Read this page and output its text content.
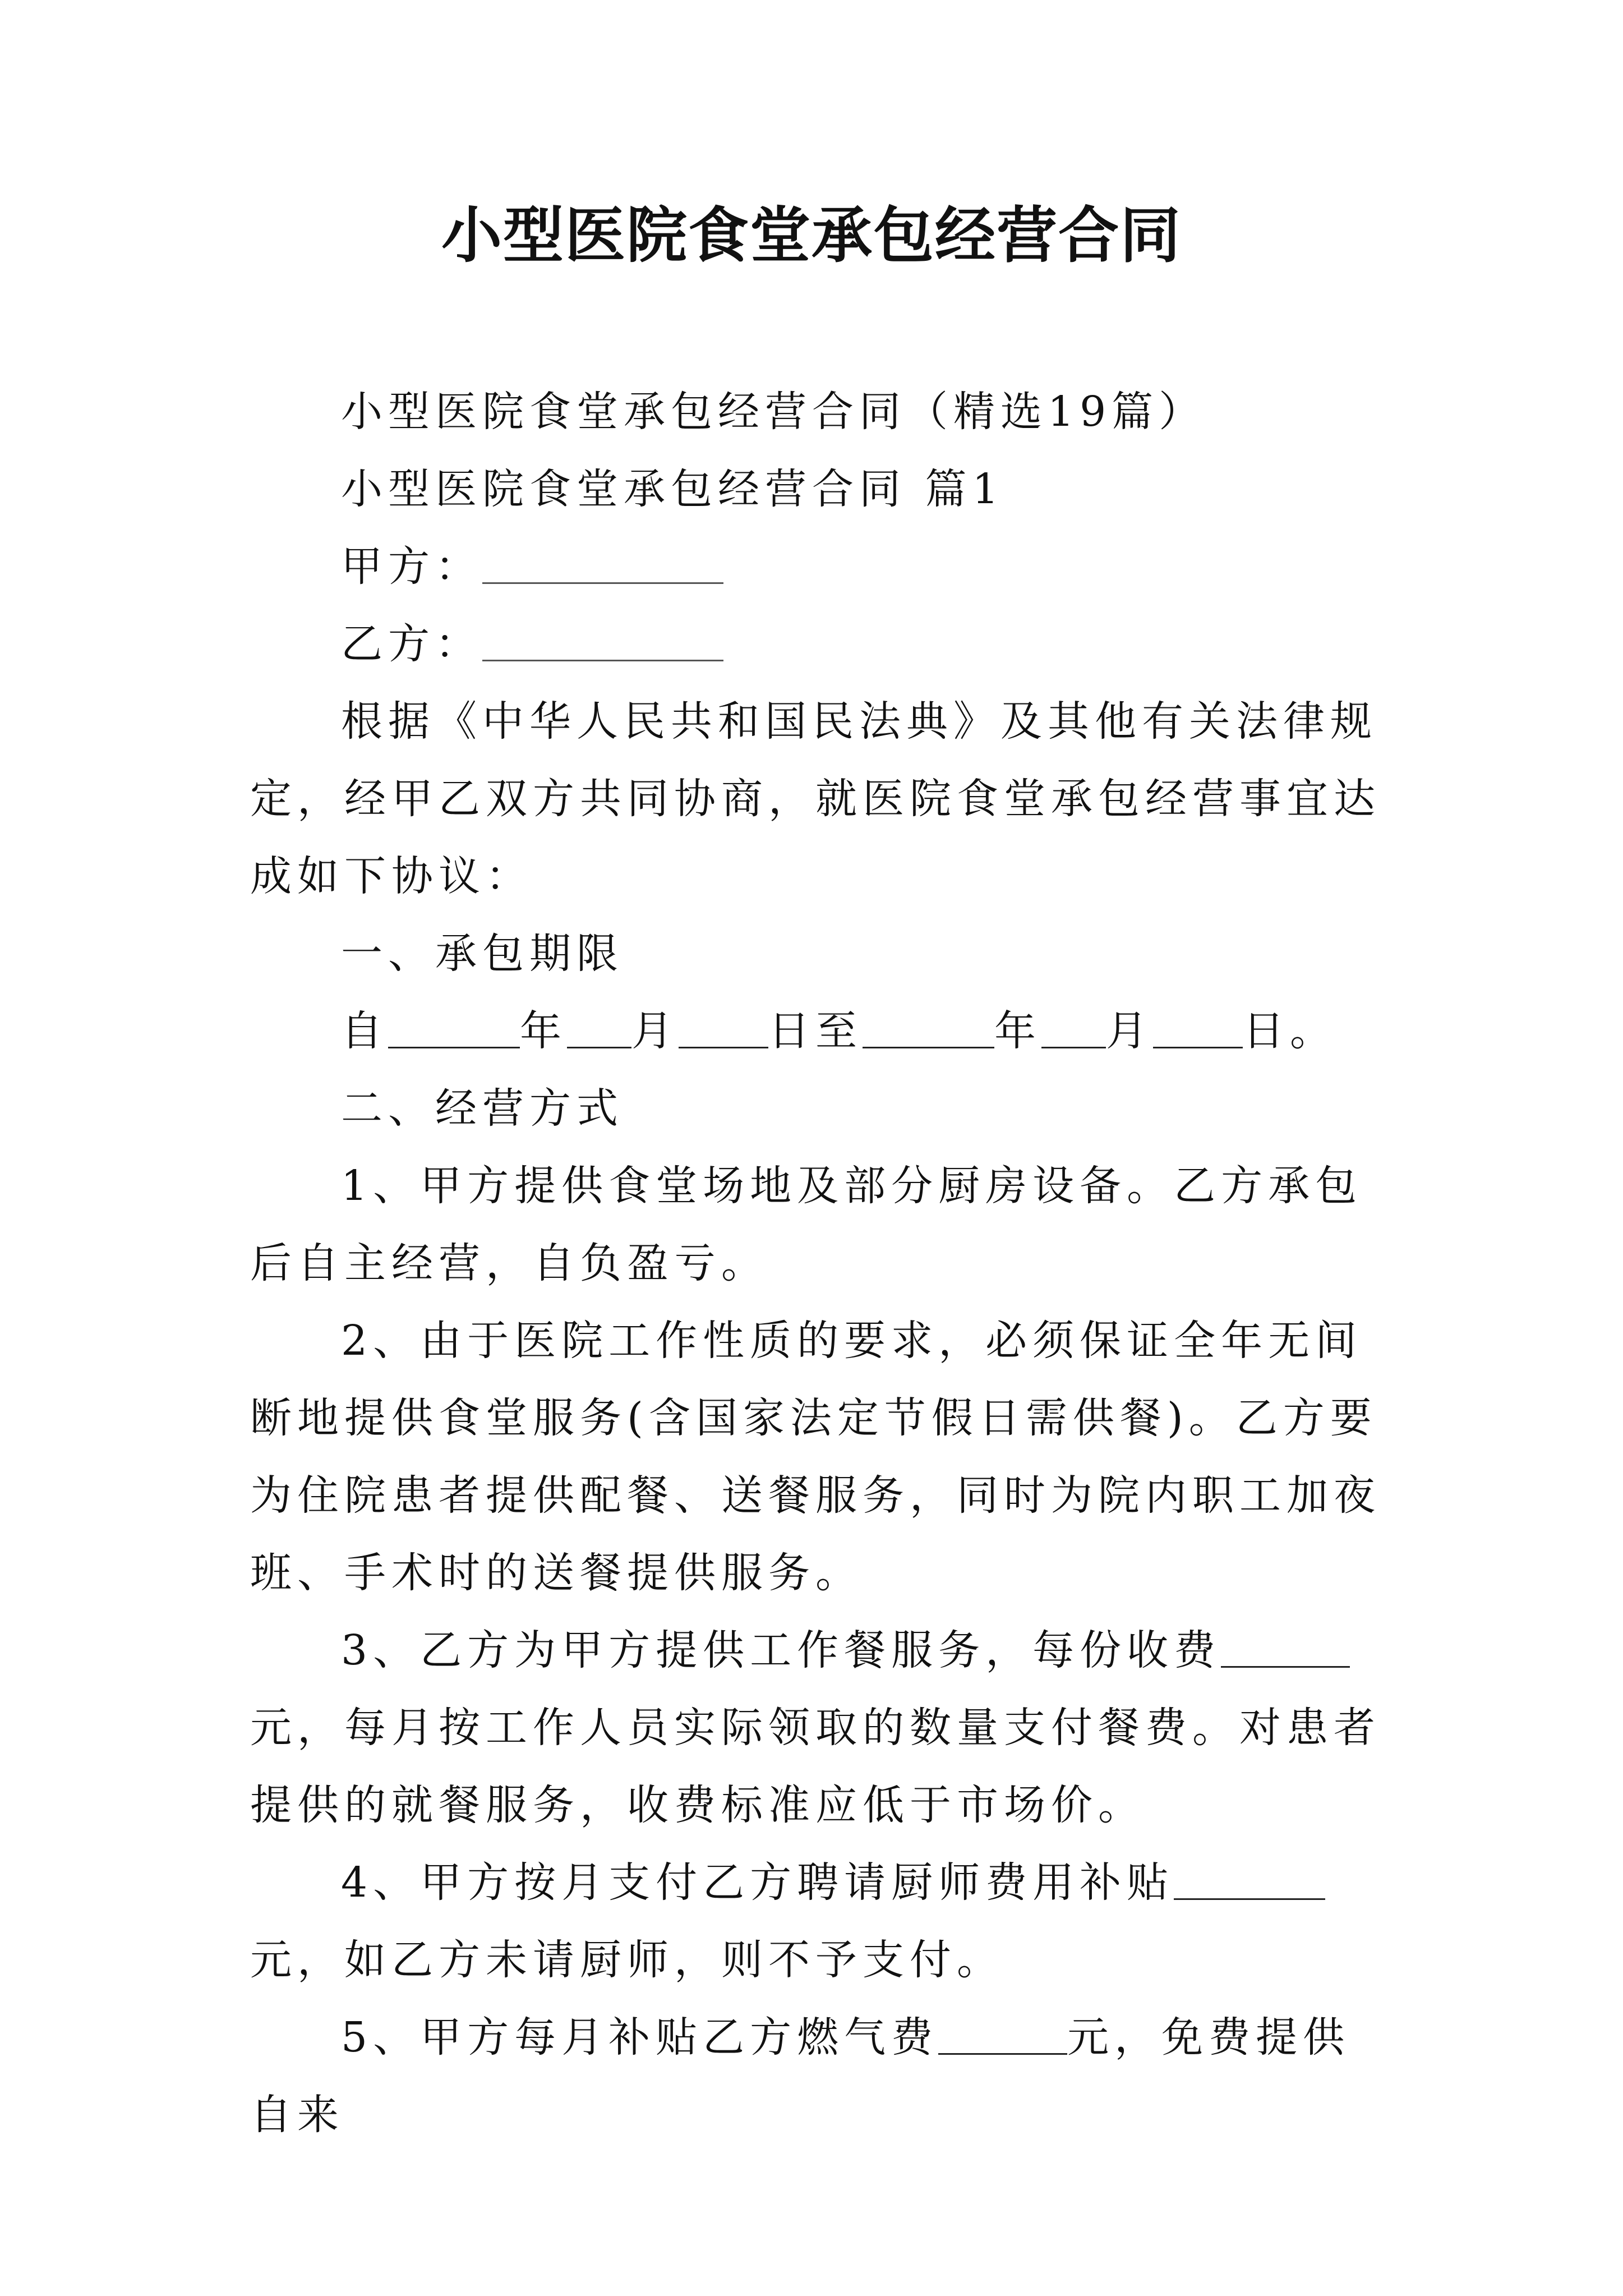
小型医院食堂承包经营合同

小型医院食堂承包经营合同（精选19篇）

小型医院食堂承包经营合同 篇1

甲方：

乙方：

根据《中华人民共和国民法典》及其他有关法律规定，经甲乙双方共同协商，就医院食堂承包经营事宜达成如下协议：

一、承包期限

自	年 月 日至	年 月 日。

二、经营方式

1、甲方提供食堂场地及部分厨房设备。乙方承包后自主经营，自负盈亏。

2、由于医院工作性质的要求，必须保证全年无间断地提供食堂服务(含国家法定节假日需供餐)。乙方要为住院患者提供配餐、送餐服务，同时为院内职工加夜班、手术时的送餐提供服务。

3、乙方为甲方提供工作餐服务，每份收费元，每月按工作人员实际领取的数量支付餐费。对患者提供的就餐服务，收费标准应低于市场价。

4、甲方按月支付乙方聘请厨师费用补贴元，如乙方未请厨师，则不予支付。

5、甲方每月补贴乙方燃气费	元，免费提供自来
